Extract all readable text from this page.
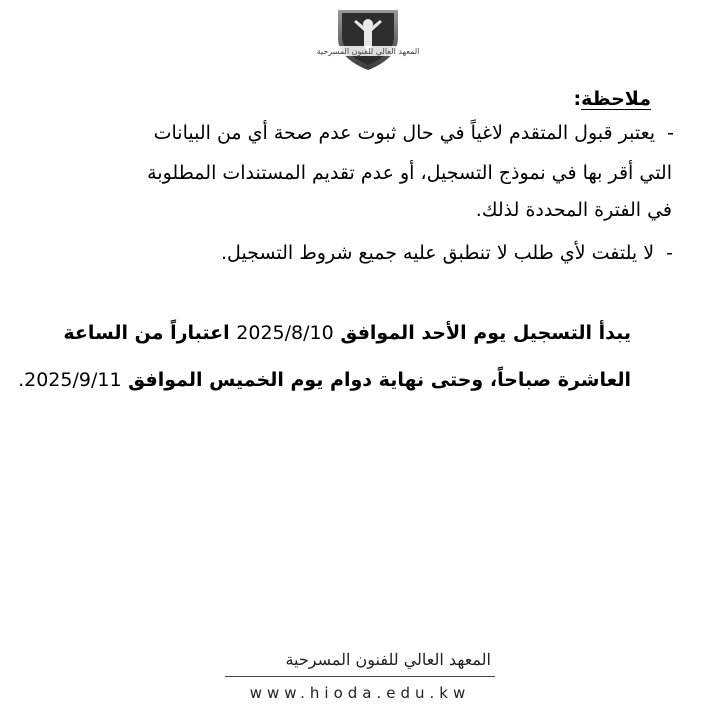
المعهد العالي للفنون المسرحية
ملاحظة:
-  يعتبر قبول المتقدم لاغياً في حال ثبوت عدم صحة أي من البيانات
التي أقر بها في نموذج التسجيل، أو عدم تقديم المستندات المطلوبة
في الفترة المحددة لذلك.
-  لا يلتفت لأي طلب لا تنطبق عليه جميع شروط التسجيل.
يبدأ التسجيل يوم الأحد الموافق 2025/8/10 اعتباراً من الساعة
العاشرة صباحاً، وحتى نهاية دوام يوم الخميس الموافق 2025/9/11.
المعهد العالي للفنون المسرحية
www.hioda.edu.kw
